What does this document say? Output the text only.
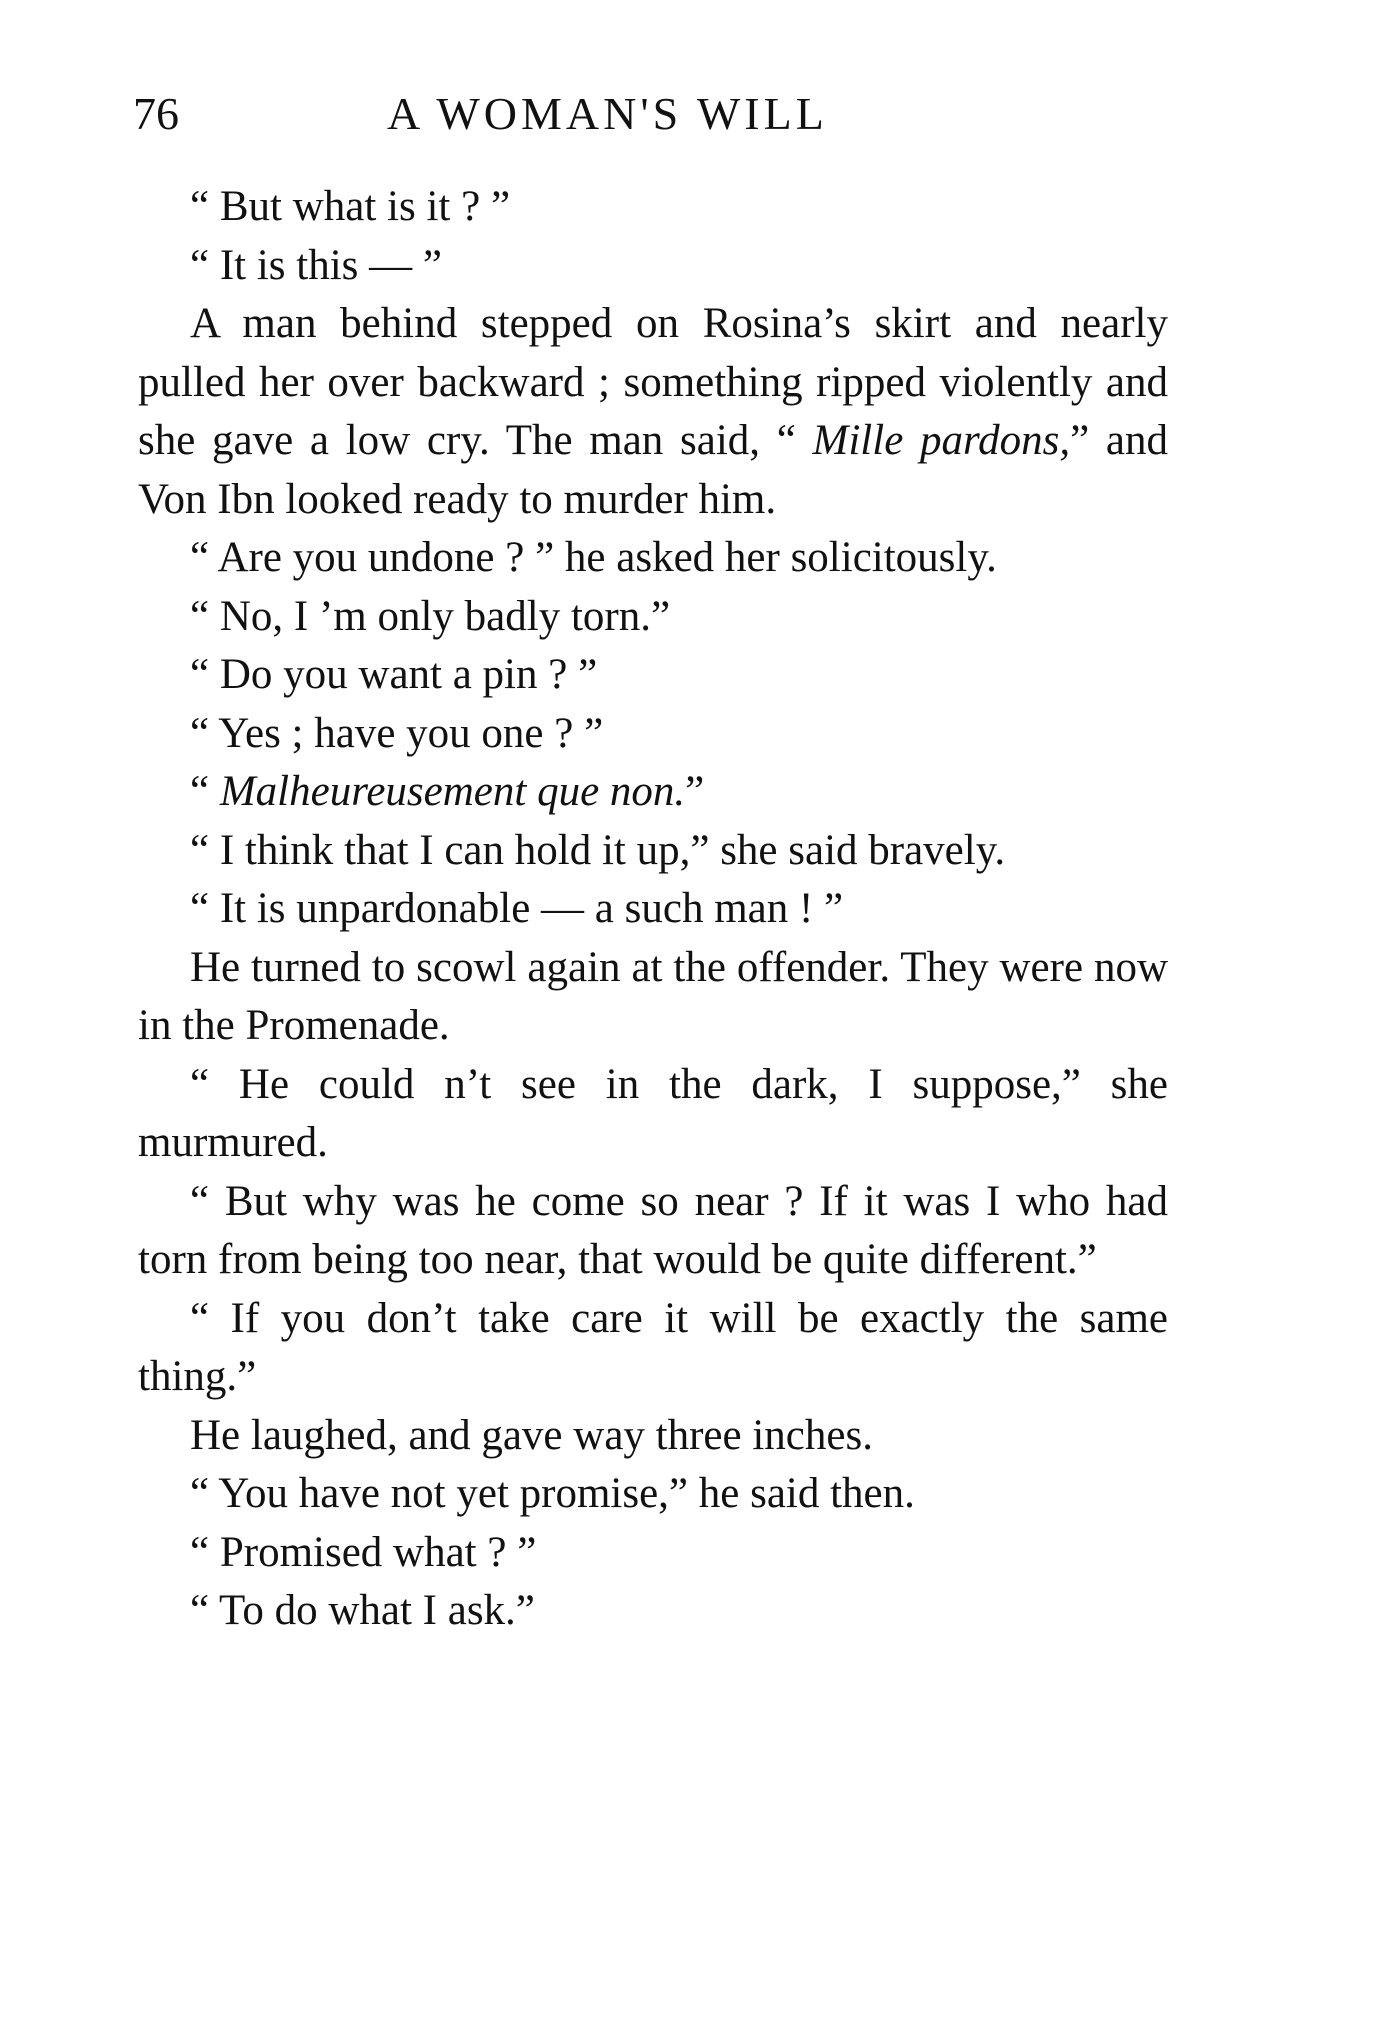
76	A WOMAN'S WILL

“ But what is it ? ”

“ It is this — ”

A man behind stepped on Rosina’s skirt and nearly pulled her over backward ; something ripped violently and she gave a low cry. The man said, “ Mille pardons,” and Von Ibn looked ready to murder him.

“ Are you undone ? ” he asked her solicitously.

“ No, I ’m only badly torn.”

“ Do you want a pin ? ”

“ Yes ; have you one ? ”

“ Malheureusement que non.”

“ I think that I can hold it up,” she said bravely.

“ It is unpardonable — a such man ! ”

He turned to scowl again at the offender. They were now in the Promenade.

“ He could n’t see in the dark, I suppose,” she murmured.

“ But why was he come so near ? If it was I who had torn from being too near, that would be quite different.”

“ If you don’t take care it will be exactly the same thing.”

He laughed, and gave way three inches.

“ You have not yet promise,” he said then.

“ Promised what ? ”

“ To do what I ask.”
